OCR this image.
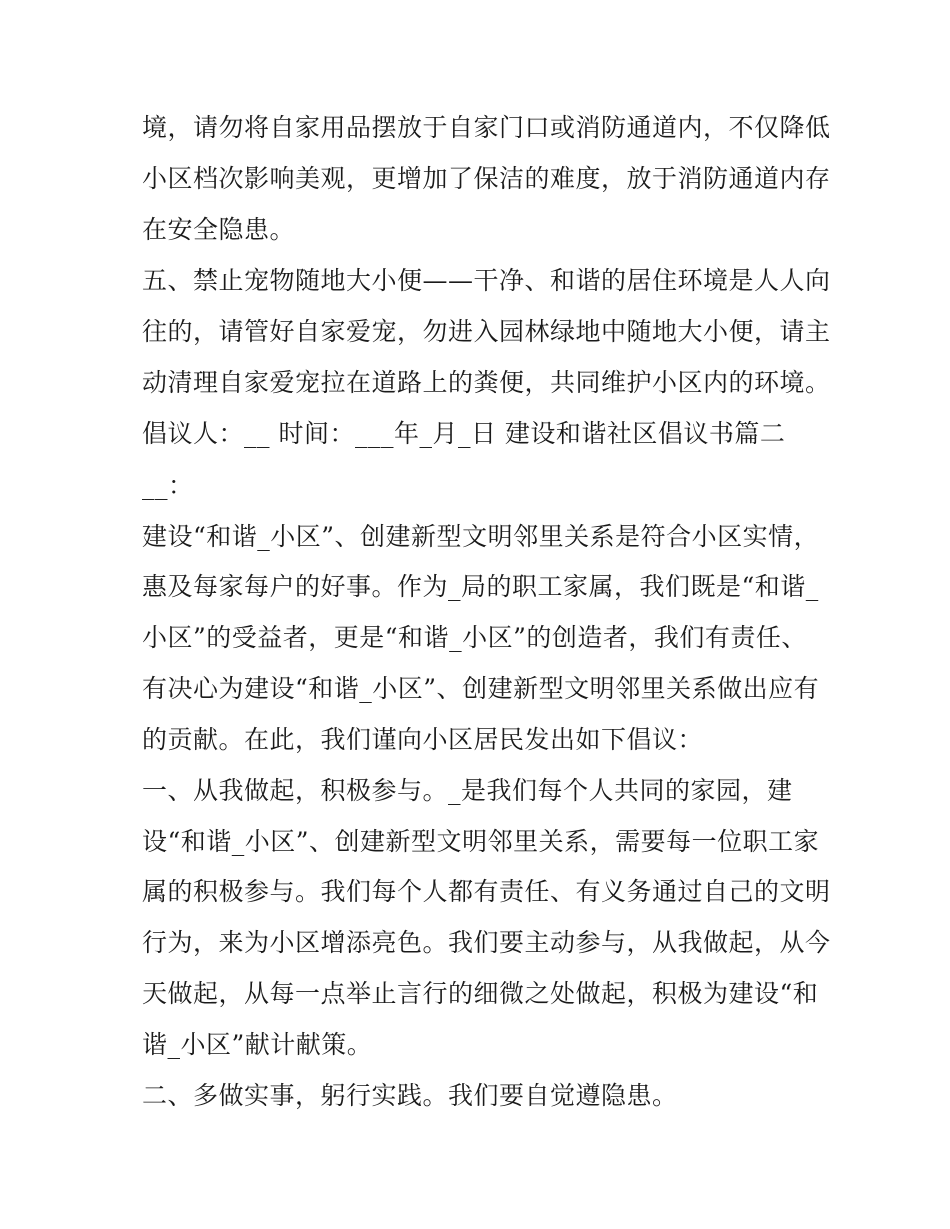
境，请勿将自家用品摆放于自家门口或消防通道内，不仅降低
小区档次影响美观，更增加了保洁的难度，放于消防通道内存
在安全隐患。
五、禁止宠物随地大小便——干净、和谐的居住环境是人人向
往的，请管好自家爱宠，勿进入园林绿地中随地大小便，请主
动清理自家爱宠拉在道路上的粪便，共同维护小区内的环境。
倡议人：__ 时间：___年_月_日 建设和谐社区倡议书篇二
__：
建设“和谐_小区”、创建新型文明邻里关系是符合小区实情，
惠及每家每户的好事。作为_局的职工家属，我们既是“和谐_
小区”的受益者，更是“和谐_小区”的创造者，我们有责任、
有决心为建设“和谐_小区”、创建新型文明邻里关系做出应有
的贡献。在此，我们谨向小区居民发出如下倡议：
一、从我做起，积极参与。_是我们每个人共同的家园，建
设“和谐_小区”、创建新型文明邻里关系，需要每一位职工家
属的积极参与。我们每个人都有责任、有义务通过自己的文明
行为，来为小区增添亮色。我们要主动参与，从我做起，从今
天做起，从每一点举止言行的细微之处做起，积极为建设“和
谐_小区”献计献策。
二、多做实事，躬行实践。我们要自觉遵隐患。
